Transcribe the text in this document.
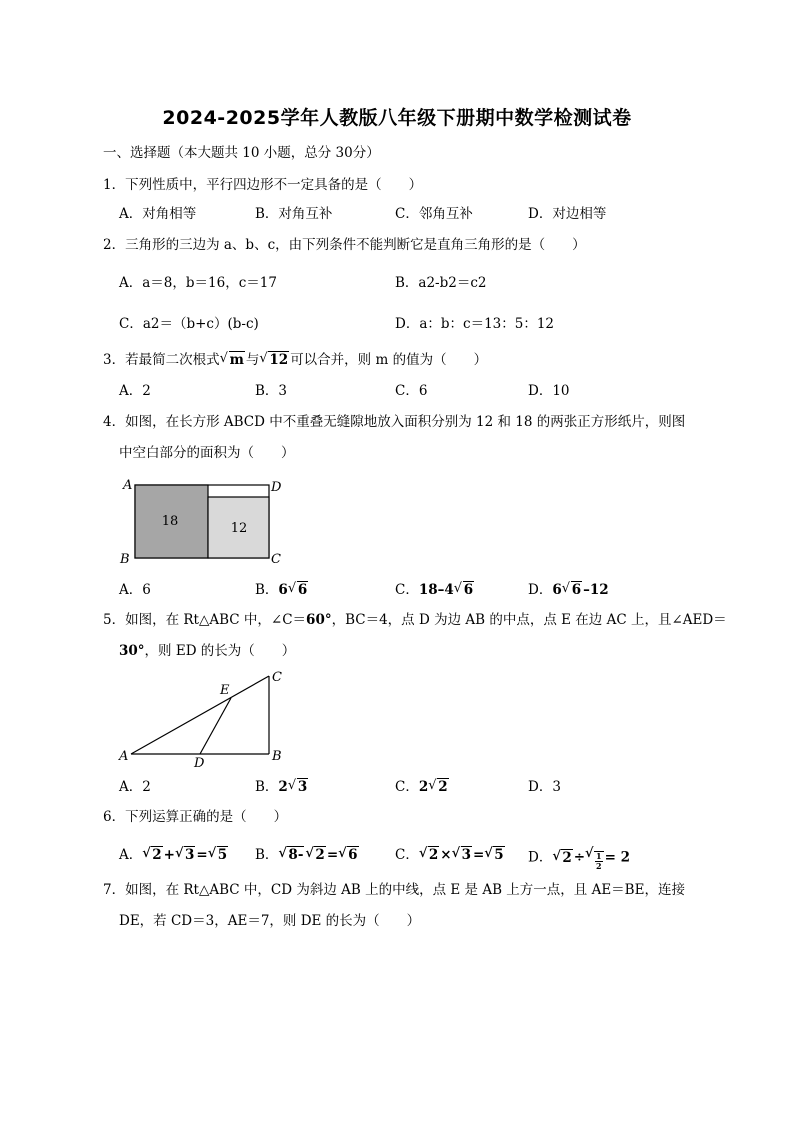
2024-2025学年人教版八年级下册期中数学检测试卷
一、选择题（本大题共 10 小题，总分 30分）
1．下列性质中，平行四边形不一定具备的是（　　）
A．对角相等	B．对角互补	C．邻角互补	D．对边相等
2．三角形的三边为 a、b、c，由下列条件不能判断它是直角三角形的是（　　）
A．a＝8，b＝16，c＝17	B．a2-b2＝c2
C．a2＝（b+c）(b-c)	D．a：b：c＝13：5：12
3．若最简二次根式 √ m 与 √ 12 可以合并，则 m 的值为（　　）
A．2	B．3	C．6	D．10
4．如图，在长方形 ABCD 中不重叠无缝隙地放入面积分别为 12 和 18 的两张正方形纸片，则图
中空白部分的面积为（　　）
18	12
A	D
B	C
A．6	B．6 √ 6	C．18–4 √ 6	D．6 √ 6 –12
5．如图，在 Rt△ABC 中，∠C＝60°，BC＝4，点 D 为边 AB 的中点，点 E 在边 AC 上，且∠AED＝
30°，则 ED 的长为（　　）
E
C
A	D	B
A．2	B．2 √ 3	C．2 √ 2	D．3
6．下列运算正确的是（　　）
A． √ 2 + √ 3 = √ 5 B． √ 8- √ 2 = √ 6	C． √ 2 × √ 3 = √ 5 D． √ 2 ÷ √ $\frac{1}{2} = 2$
7．如图，在 Rt△ABC 中，CD 为斜边 AB 上的中线，点 E 是 AB 上方一点，且 AE＝BE，连接
DE，若 CD＝3，AE＝7，则 DE 的长为（　　）
